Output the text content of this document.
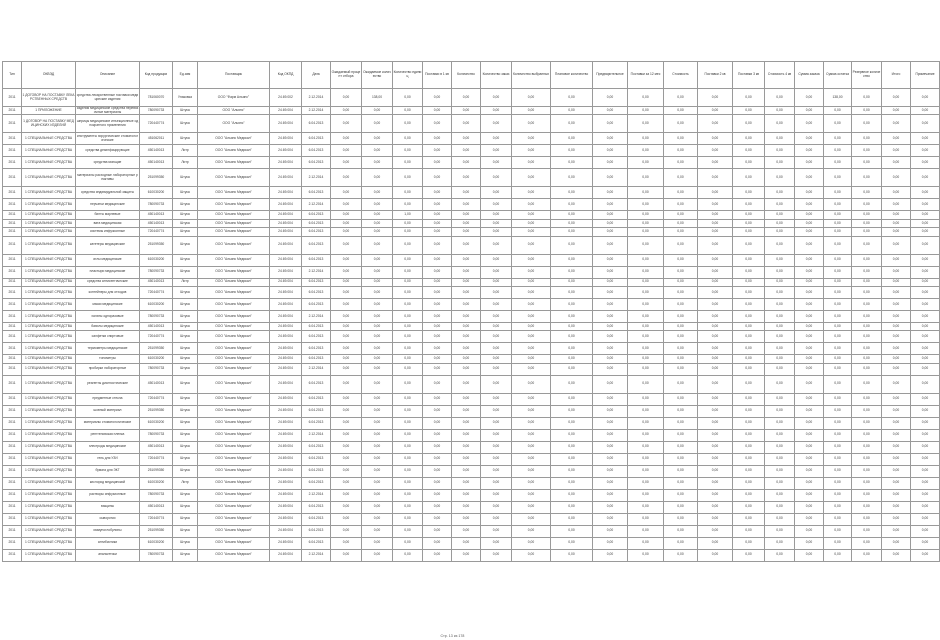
Тип	ОКВЭД	Описание	Код продукции	Ед.изм	Поставщик	Код ОКПД	Дата	Ожидаемый процент отбора	Ожидаемое количество	Количество единиц	Поставки в 1 кв	Количество	Количество заказ	Количество выбранных	Плановое количество	Предварительное	Поставки за 12 мес	Стоимость	Поставки 2 кв	Поставки 3 кв	Стоимость 4 кв	Сумма заказа	Сумма остатка	Резервное количество	Итого	Примечание
2011	1 ДОГОВОР НА ПОСТАВКУ ЛЕКАРСТВЕННЫХ СРЕДСТВ	средства лекарственные поставки медицинские изделия	781060070	Упаковка	ООО "Фарм Альянс"	24.69.002	2.12.2014	0,00	138,00	0,00	0,00	0,00	0,00	0,00	0,00	0,00	0,00	0,00	0,00	0,00	0,00	0,00	138,00	0,00	0,00	0,00
2011	1 ПРИЛОЖЕНИЕ	изделия медицинские средства перевязочные материалы	780090733	Штука	ООО "Альянс"	24.69.004	2.12.2014	0,00	0,00	0,00	0,00	0,00	0,00	0,00	0,00	0,00	0,00	0,00	0,00	0,00	0,00	0,00	0,00	0,00	0,00	0,00
2011	1 ДОГОВОР НА ПОСТАВКУ МЕДИЦИНСКИХ ИЗДЕЛИЙ	шприцы медицинские инъекционные однократного применения	720440774	Штука	ООО "Альянс"	24.69.004	6.04.2013	0,00	0,00	0,00	0,00	0,00	0,00	0,00	0,00	0,00	0,00	0,00	0,00	0,00	0,00	0,00	0,00	0,00	0,00	0,00
2011	1 СПЕЦИАЛЬНЫЕ СРЕДСТВА	инструменты хирургические стоматологические	451062011	Штука	ООО "Альянс Медикал"	24.69.004	6.04.2013	0,00	0,00	0,00	0,00	0,00	0,00	0,00	0,00	0,00	0,00	0,00	0,00	0,00	0,00	0,00	0,00	0,00	0,00	0,00
2011	1 СПЕЦИАЛЬНЫЕ СРЕДСТВА	средства дезинфицирующие	450140013	Литр	ООО "Альянс Медикал"	24.69.004	6.04.2013	0,00	0,00	0,00	0,00	0,00	0,00	0,00	0,00	0,00	0,00	0,00	0,00	0,00	0,00	0,00	0,00	0,00	0,00	0,00
2011	1 СПЕЦИАЛЬНЫЕ СРЕДСТВА	средства моющие	450140013	Литр	ООО "Альянс Медикал"	24.69.004	6.04.2013	0,00	0,00	0,00	0,00	0,00	0,00	0,00	0,00	0,00	0,00	0,00	0,00	0,00	0,00	0,00	0,00	0,00	0,00	0,00
2011	1 СПЕЦИАЛЬНЫЕ СРЕДСТВА	материалы расходные лабораторные реактивы	251099350	Штука	ООО "Альянс Медикал"	24.69.004	2.12.2014	0,00	0,00	0,00	0,00	0,00	0,00	0,00	0,00	0,00	0,00	0,00	0,00	0,00	0,00	0,00	0,00	0,00	0,00	0,00
2011	1 СПЕЦИАЛЬНЫЕ СРЕДСТВА	средства индивидуальной защиты	610030200	Штука	ООО "Альянс Медикал"	24.69.004	6.04.2013	0,00	0,00	0,00	0,00	0,00	0,00	0,00	0,00	0,00	0,00	0,00	0,00	0,00	0,00	0,00	0,00	0,00	0,00	0,00
2011	1 СПЕЦИАЛЬНЫЕ СРЕДСТВА	перчатки медицинские	780090733	Штука	ООО "Альянс Медикал"	24.69.004	2.12.2014	0,00	0,00	0,00	0,00	0,00	0,00	0,00	0,00	0,00	0,00	0,00	0,00	0,00	0,00	0,00	0,00	0,00	0,00	0,00
2011	1 СПЕЦИАЛЬНЫЕ СРЕДСТВА	бинты марлевые	450140013	Штука	ООО "Альянс Медикал"	24.69.004	6.04.2013	0,00	0,00	1,00	0,00	0,00	0,00	0,00	0,00	0,00	0,00	0,00	0,00	0,00	0,00	0,00	0,00	0,00	0,00	0,00
2011	1 СПЕЦИАЛЬНЫЕ СРЕДСТВА	вата медицинская	450140013	Штука	ООО "Альянс Медикал"	24.69.004	6.04.2013	0,00	0,00	0,00	0,00	0,00	0,00	0,00	0,00	0,00	0,00	0,00	0,00	0,00	0,00	0,00	0,00	0,00	0,00	0,00
2011	1 СПЕЦИАЛЬНЫЕ СРЕДСТВА	системы инфузионные	720440774	Штука	ООО "Альянс Медикал"	24.69.004	6.04.2013	0,00	0,00	0,00	0,00	0,00	0,00	0,00	0,00	0,00	0,00	0,00	0,00	0,00	0,00	0,00	0,00	0,00	0,00	0,00
2011	1 СПЕЦИАЛЬНЫЕ СРЕДСТВА	катетеры медицинские	251099350	Штука	ООО "Альянс Медикал"	24.69.004	6.04.2013	0,00	0,00	0,00	0,00	0,00	0,00	0,00	0,00	0,00	0,00	0,00	0,00	0,00	0,00	0,00	0,00	0,00	0,00	0,00
2011	1 СПЕЦИАЛЬНЫЕ СРЕДСТВА	иглы медицинские	610030200	Штука	ООО "Альянс Медикал"	24.69.004	6.04.2013	0,00	0,00	0,00	0,00	0,00	0,00	0,00	0,00	0,00	0,00	0,00	0,00	0,00	0,00	0,00	0,00	0,00	0,00	0,00
2011	1 СПЕЦИАЛЬНЫЕ СРЕДСТВА	пластыри медицинские	780090733	Штука	ООО "Альянс Медикал"	24.69.004	2.12.2014	0,00	0,00	0,00	0,00	0,00	0,00	0,00	0,00	0,00	0,00	0,00	0,00	0,00	0,00	0,00	0,00	0,00	0,00	0,00
2011	1 СПЕЦИАЛЬНЫЕ СРЕДСТВА	средства антисептические	450140013	Литр	ООО "Альянс Медикал"	24.69.004	6.04.2013	0,00	0,00	0,00	0,00	0,00	0,00	0,00	0,00	0,00	0,00	0,00	0,00	0,00	0,00	0,00	0,00	0,00	0,00	0,00
2011	1 СПЕЦИАЛЬНЫЕ СРЕДСТВА	контейнеры для отходов	720440774	Штука	ООО "Альянс Медикал"	24.69.004	6.04.2013	0,00	0,00	0,00	0,00	0,00	0,00	0,00	0,00	0,00	0,00	0,00	0,00	0,00	0,00	0,00	0,00	0,00	0,00	0,00
2011	1 СПЕЦИАЛЬНЫЕ СРЕДСТВА	маски медицинские	610030200	Штука	ООО "Альянс Медикал"	24.69.004	6.04.2013	0,00	0,00	0,00	0,00	0,00	0,00	0,00	0,00	0,00	0,00	0,00	0,00	0,00	0,00	0,00	0,00	0,00	0,00	0,00
2011	1 СПЕЦИАЛЬНЫЕ СРЕДСТВА	халаты одноразовые	780090733	Штука	ООО "Альянс Медикал"	24.69.004	2.12.2014	0,00	0,00	0,00	0,00	0,00	0,00	0,00	0,00	0,00	0,00	0,00	0,00	0,00	0,00	0,00	0,00	0,00	0,00	0,00
2011	1 СПЕЦИАЛЬНЫЕ СРЕДСТВА	бахилы медицинские	450140013	Штука	ООО "Альянс Медикал"	24.69.004	6.04.2013	0,00	0,00	0,00	0,00	0,00	0,00	0,00	0,00	0,00	0,00	0,00	0,00	0,00	0,00	0,00	0,00	0,00	0,00	0,00
2011	1 СПЕЦИАЛЬНЫЕ СРЕДСТВА	салфетки спиртовые	720440774	Штука	ООО "Альянс Медикал"	24.69.004	6.04.2013	0,00	0,00	0,00	0,00	0,00	0,00	0,00	0,00	0,00	0,00	0,00	0,00	0,00	0,00	0,00	0,00	0,00	0,00	0,00
2011	1 СПЕЦИАЛЬНЫЕ СРЕДСТВА	термометры медицинские	251099350	Штука	ООО "Альянс Медикал"	24.69.004	6.04.2013	0,00	0,00	0,00	0,00	0,00	0,00	0,00	0,00	0,00	0,00	0,00	0,00	0,00	0,00	0,00	0,00	0,00	0,00	0,00
2011	1 СПЕЦИАЛЬНЫЕ СРЕДСТВА	тонометры	610030200	Штука	ООО "Альянс Медикал"	24.69.004	6.04.2013	0,00	0,00	0,00	0,00	0,00	0,00	0,00	0,00	0,00	0,00	0,00	0,00	0,00	0,00	0,00	0,00	0,00	0,00	0,00
2011	1 СПЕЦИАЛЬНЫЕ СРЕДСТВА	пробирки лабораторные	780090733	Штука	ООО "Альянс Медикал"	24.69.004	2.12.2014	0,00	0,00	0,00	0,00	0,00	0,00	0,00	0,00	0,00	0,00	0,00	0,00	0,00	0,00	0,00	0,00	0,00	0,00	0,00
2011	1 СПЕЦИАЛЬНЫЕ СРЕДСТВА	реагенты диагностические	450140013	Штука	ООО "Альянс Медикал"	24.69.004	6.04.2013	0,00	0,00	0,00	0,00	0,00	0,00	0,00	0,00	0,00	0,00	0,00	0,00	0,00	0,00	0,00	0,00	0,00	0,00	0,00
2011	1 СПЕЦИАЛЬНЫЕ СРЕДСТВА	предметные стекла	720440774	Штука	ООО "Альянс Медикал"	24.69.004	6.04.2013	0,00	0,00	0,00	0,00	0,00	0,00	0,00	0,00	0,00	0,00	0,00	0,00	0,00	0,00	0,00	0,00	0,00	0,00	0,00
2011	1 СПЕЦИАЛЬНЫЕ СРЕДСТВА	шовный материал	251099350	Штука	ООО "Альянс Медикал"	24.69.004	6.04.2013	0,00	0,00	0,00	0,00	0,00	0,00	0,00	0,00	0,00	0,00	0,00	0,00	0,00	0,00	0,00	0,00	0,00	0,00	0,00
2011	1 СПЕЦИАЛЬНЫЕ СРЕДСТВА	материалы стоматологические	610030200	Штука	ООО "Альянс Медикал"	24.69.004	6.04.2013	0,00	0,00	0,00	0,00	0,00	0,00	0,00	0,00	0,00	0,00	0,00	0,00	0,00	0,00	0,00	0,00	0,00	0,00	0,00
2011	1 СПЕЦИАЛЬНЫЕ СРЕДСТВА	рентгеновская пленка	780090733	Штука	ООО "Альянс Медикал"	24.69.004	2.12.2014	0,00	0,00	0,00	0,00	0,00	0,00	0,00	0,00	0,00	0,00	0,00	0,00	0,00	0,00	0,00	0,00	0,00	0,00	0,00
2011	1 СПЕЦИАЛЬНЫЕ СРЕДСТВА	электроды медицинские	450140013	Штука	ООО "Альянс Медикал"	24.69.004	6.04.2013	0,00	0,00	0,00	0,00	0,00	0,00	0,00	0,00	0,00	0,00	0,00	0,00	0,00	0,00	0,00	0,00	0,00	0,00	0,00
2011	1 СПЕЦИАЛЬНЫЕ СРЕДСТВА	гель для УЗИ	720440774	Штука	ООО "Альянс Медикал"	24.69.004	6.04.2013	0,00	0,00	0,00	0,00	0,00	0,00	0,00	0,00	0,00	0,00	0,00	0,00	0,00	0,00	0,00	0,00	0,00	0,00	0,00
2011	1 СПЕЦИАЛЬНЫЕ СРЕДСТВА	бумага для ЭКГ	251099350	Штука	ООО "Альянс Медикал"	24.69.004	6.04.2013	0,00	0,00	0,00	0,00	0,00	0,00	0,00	0,00	0,00	0,00	0,00	0,00	0,00	0,00	0,00	0,00	0,00	0,00	0,00
2011	1 СПЕЦИАЛЬНЫЕ СРЕДСТВА	кислород медицинский	610030200	Литр	ООО "Альянс Медикал"	24.69.004	6.04.2013	0,00	0,00	0,00	0,00	0,00	0,00	0,00	0,00	0,00	0,00	0,00	0,00	0,00	0,00	0,00	0,00	0,00	0,00	0,00
2011	1 СПЕЦИАЛЬНЫЕ СРЕДСТВА	растворы инфузионные	780090733	Штука	ООО "Альянс Медикал"	24.69.004	2.12.2014	0,00	0,00	0,00	0,00	0,00	0,00	0,00	0,00	0,00	0,00	0,00	0,00	0,00	0,00	0,00	0,00	0,00	0,00	0,00
2011	1 СПЕЦИАЛЬНЫЕ СРЕДСТВА	вакцины	450140013	Штука	ООО "Альянс Медикал"	24.69.004	6.04.2013	0,00	0,00	0,00	0,00	0,00	0,00	0,00	0,00	0,00	0,00	0,00	0,00	0,00	0,00	0,00	0,00	0,00	0,00	0,00
2011	1 СПЕЦИАЛЬНЫЕ СРЕДСТВА	сыворотки	720440774	Штука	ООО "Альянс Медикал"	24.69.004	6.04.2013	0,00	0,00	0,00	0,00	0,00	0,00	0,00	0,00	0,00	0,00	0,00	0,00	0,00	0,00	0,00	0,00	0,00	0,00	0,00
2011	1 СПЕЦИАЛЬНЫЕ СРЕДСТВА	иммуноглобулины	251099350	Штука	ООО "Альянс Медикал"	24.69.004	6.04.2013	0,00	0,00	0,00	0,00	0,00	0,00	0,00	0,00	0,00	0,00	0,00	0,00	0,00	0,00	0,00	0,00	0,00	0,00	0,00
2011	1 СПЕЦИАЛЬНЫЕ СРЕДСТВА	антибиотики	610030200	Штука	ООО "Альянс Медикал"	24.69.004	6.04.2013	0,00	0,00	0,00	0,00	0,00	0,00	0,00	0,00	0,00	0,00	0,00	0,00	0,00	0,00	0,00	0,00	0,00	0,00	0,00
2011	1 СПЕЦИАЛЬНЫЕ СРЕДСТВА	анальгетики	780090733	Штука	ООО "Альянс Медикал"	24.69.004	2.12.2014	0,00	0,00	0,00	0,00	0,00	0,00	0,00	0,00	0,00	0,00	0,00	0,00	0,00	0,00	0,00	0,00	0,00	0,00	0,00
Стр. 13 из 178
